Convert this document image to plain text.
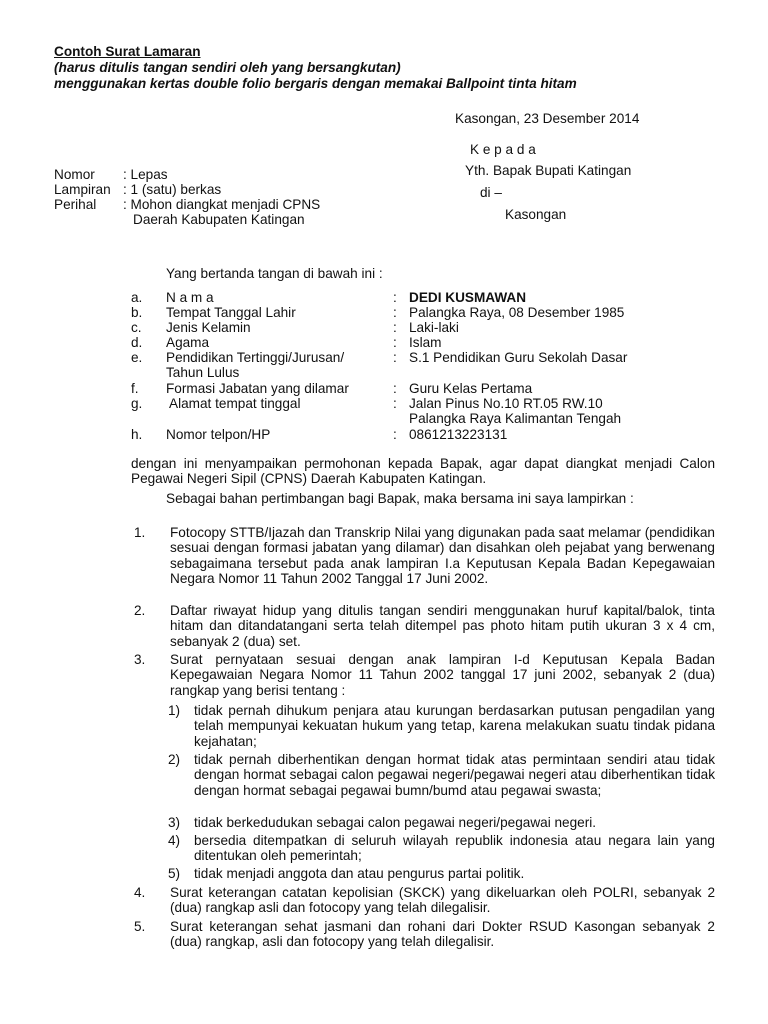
Contoh Surat Lamaran
(harus ditulis tangan sendiri oleh yang bersangkutan)
menggunakan kertas double folio bergaris dengan memakai Ballpoint tinta hitam
Kasongan, 23 Desember 2014
K e p a d a
Yth. Bapak Bupati Katingan
di –
Kasongan
Nomor : Lepas
Lampiran : 1 (satu) berkas
Perihal : Mohon diangkat menjadi CPNS
Daerah Kabupaten Katingan
Yang bertanda tangan di bawah ini :
a. N a m a	: DEDI KUSMAWAN
b. Tempat Tanggal Lahir	: Palangka Raya, 08 Desember 1985
c. Jenis Kelamin	: Laki-laki
d. Agama	: Islam
e. Pendidikan Tertinggi/Jurusan/	: S.1 Pendidikan Guru Sekolah Dasar
Tahun Lulus
f. Formasi Jabatan yang dilamar	: Guru Kelas Pertama
g. Alamat tempat tinggal	: Jalan Pinus No.10 RT.05 RW.10
Palangka Raya Kalimantan Tengah
h. Nomor telpon/HP	: 0861213223131
dengan ini menyampaikan permohonan kepada Bapak, agar dapat diangkat menjadi Calon Pegawai Negeri Sipil (CPNS) Daerah Kabupaten Katingan.
Sebagai bahan pertimbangan bagi Bapak, maka bersama ini saya lampirkan :
1. Fotocopy STTB/Ijazah dan Transkrip Nilai yang digunakan pada saat melamar (pendidikan sesuai dengan formasi jabatan yang dilamar) dan disahkan oleh pejabat yang berwenang sebagaimana tersebut pada anak lampiran I.a Keputusan Kepala Badan Kepegawaian Negara Nomor 11 Tahun 2002 Tanggal 17 Juni 2002.
2. Daftar riwayat hidup yang ditulis tangan sendiri menggunakan huruf kapital/balok, tinta hitam dan ditandatangani serta telah ditempel pas photo hitam putih ukuran 3 x 4 cm, sebanyak 2 (dua) set.
3. Surat pernyataan sesuai dengan anak lampiran I-d Keputusan Kepala Badan Kepegawaian Negara Nomor 11 Tahun 2002 tanggal 17 juni 2002, sebanyak 2 (dua) rangkap yang berisi tentang :
1) tidak pernah dihukum penjara atau kurungan berdasarkan putusan pengadilan yang telah mempunyai kekuatan hukum yang tetap, karena melakukan suatu tindak pidana kejahatan;
2) tidak pernah diberhentikan dengan hormat tidak atas permintaan sendiri atau tidak dengan hormat sebagai calon pegawai negeri/pegawai negeri atau diberhentikan tidak dengan hormat sebagai pegawai bumn/bumd atau pegawai swasta;
3) tidak berkedudukan sebagai calon pegawai negeri/pegawai negeri.
4) bersedia ditempatkan di seluruh wilayah republik indonesia atau negara lain yang ditentukan oleh pemerintah;
5) tidak menjadi anggota dan atau pengurus partai politik.
4. Surat keterangan catatan kepolisian (SKCK) yang dikeluarkan oleh POLRI, sebanyak 2 (dua) rangkap asli dan fotocopy yang telah dilegalisir.
5. Surat keterangan sehat jasmani dan rohani dari Dokter RSUD Kasongan sebanyak 2 (dua) rangkap, asli dan fotocopy yang telah dilegalisir.
